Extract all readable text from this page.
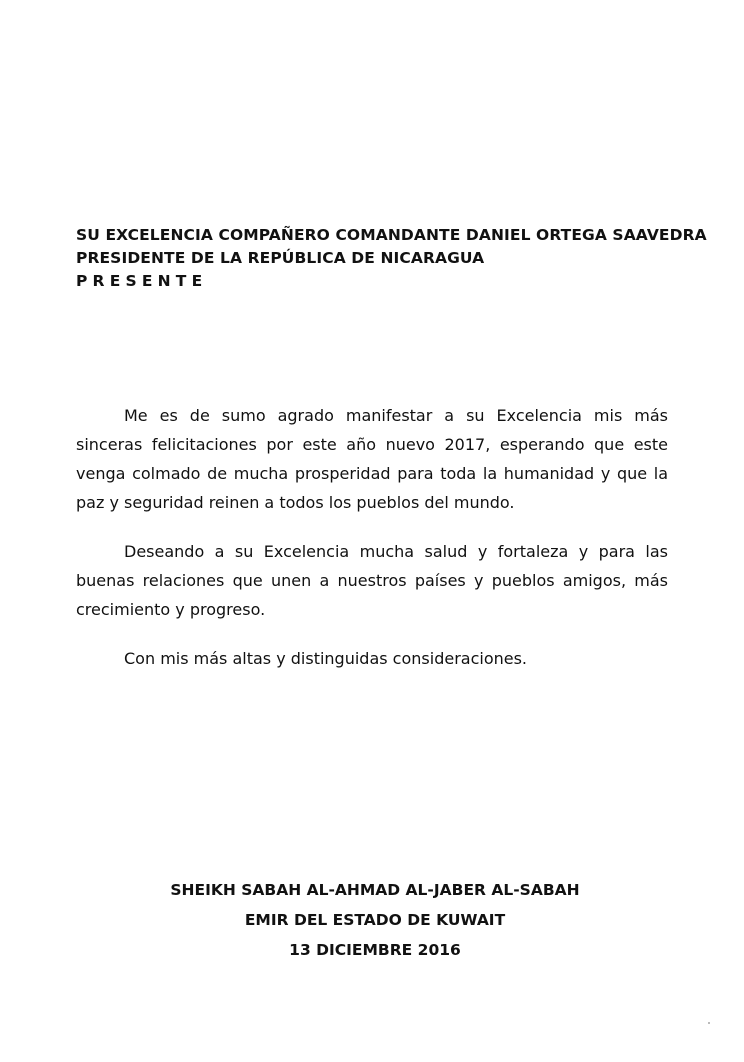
SU EXCELENCIA COMPAÑERO COMANDANTE DANIEL ORTEGA SAAVEDRA
PRESIDENTE DE LA REPÚBLICA DE NICARAGUA
PRESENTE

Me es de sumo agrado manifestar a su Excelencia mis más sinceras felicitaciones por este año nuevo 2017, esperando que este venga colmado de mucha prosperidad para toda la humanidad y que la paz y seguridad reinen a todos los pueblos del mundo.

Deseando a su Excelencia mucha salud y fortaleza y para las buenas relaciones que unen a nuestros países y pueblos amigos, más crecimiento y progreso.

Con mis más altas y distinguidas consideraciones.

SHEIKH SABAH AL-AHMAD AL-JABER AL-SABAH
EMIR DEL ESTADO DE KUWAIT
13 DICIEMBRE 2016
